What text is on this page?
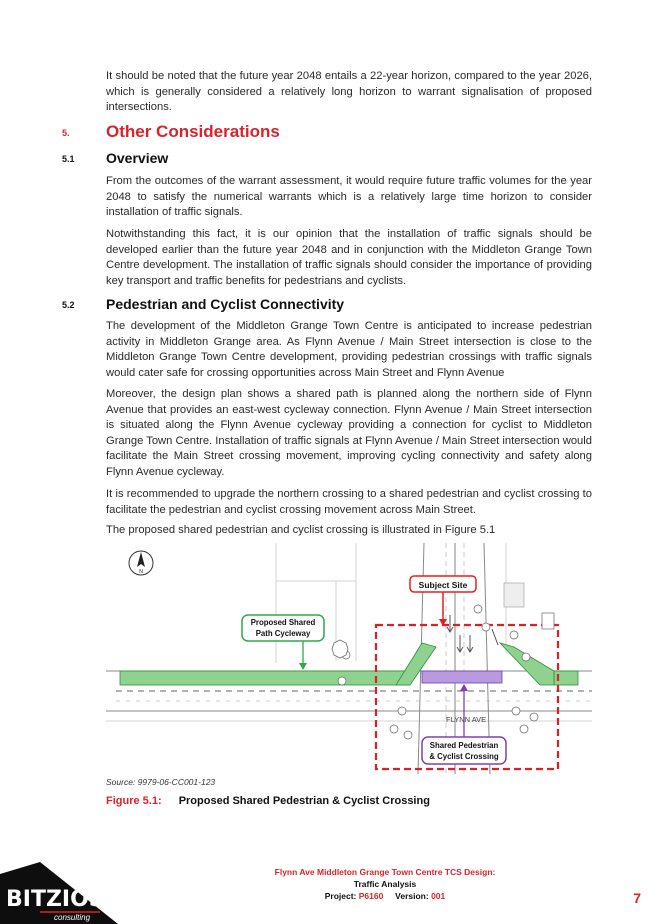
It should be noted that the future year 2048 entails a 22-year horizon, compared to the year 2026, which is generally considered a relatively long horizon to warrant signalisation of proposed intersections.

5. Other Considerations
5.1 Overview

From the outcomes of the warrant assessment, it would require future traffic volumes for the year 2048 to satisfy the numerical warrants which is a relatively large time horizon to consider installation of traffic signals.

Notwithstanding this fact, it is our opinion that the installation of traffic signals should be developed earlier than the future year 2048 and in conjunction with the Middleton Grange Town Centre development. The installation of traffic signals should consider the importance of providing key transport and traffic benefits for pedestrians and cyclists.

5.2 Pedestrian and Cyclist Connectivity

The development of the Middleton Grange Town Centre is anticipated to increase pedestrian activity in Middleton Grange area. As Flynn Avenue / Main Street intersection is close to the Middleton Grange Town Centre development, providing pedestrian crossings with traffic signals would cater safe for crossing opportunities across Main Street and Flynn Avenue

Moreover, the design plan shows a shared path is planned along the northern side of Flynn Avenue that provides an east-west cycleway connection. Flynn Avenue / Main Street intersection is situated along the Flynn Avenue cycleway providing a connection for cyclist to Middleton Grange Town Centre. Installation of traffic signals at Flynn Avenue / Main Street intersection would facilitate the Main Street crossing movement, improving cycling connectivity and safety along Flynn Avenue cycleway.

It is recommended to upgrade the northern crossing to a shared pedestrian and cyclist crossing to facilitate the pedestrian and cyclist crossing movement across Main Street.

The proposed shared pedestrian and cyclist crossing is illustrated in Figure 5.1

Subject Site
Proposed Shared
Path Cycleway
Shared Pedestrian
& Cyclist Crossing
FLYNN AVE
N
Source: 9979-06-CC001-123
Figure 5.1: Proposed Shared Pedestrian & Cyclist Crossing
Flynn Ave Middleton Grange Town Centre TCS Design:
Traffic Analysis
Project: P6160 Version: 001	7
BITZIOS
consulting
